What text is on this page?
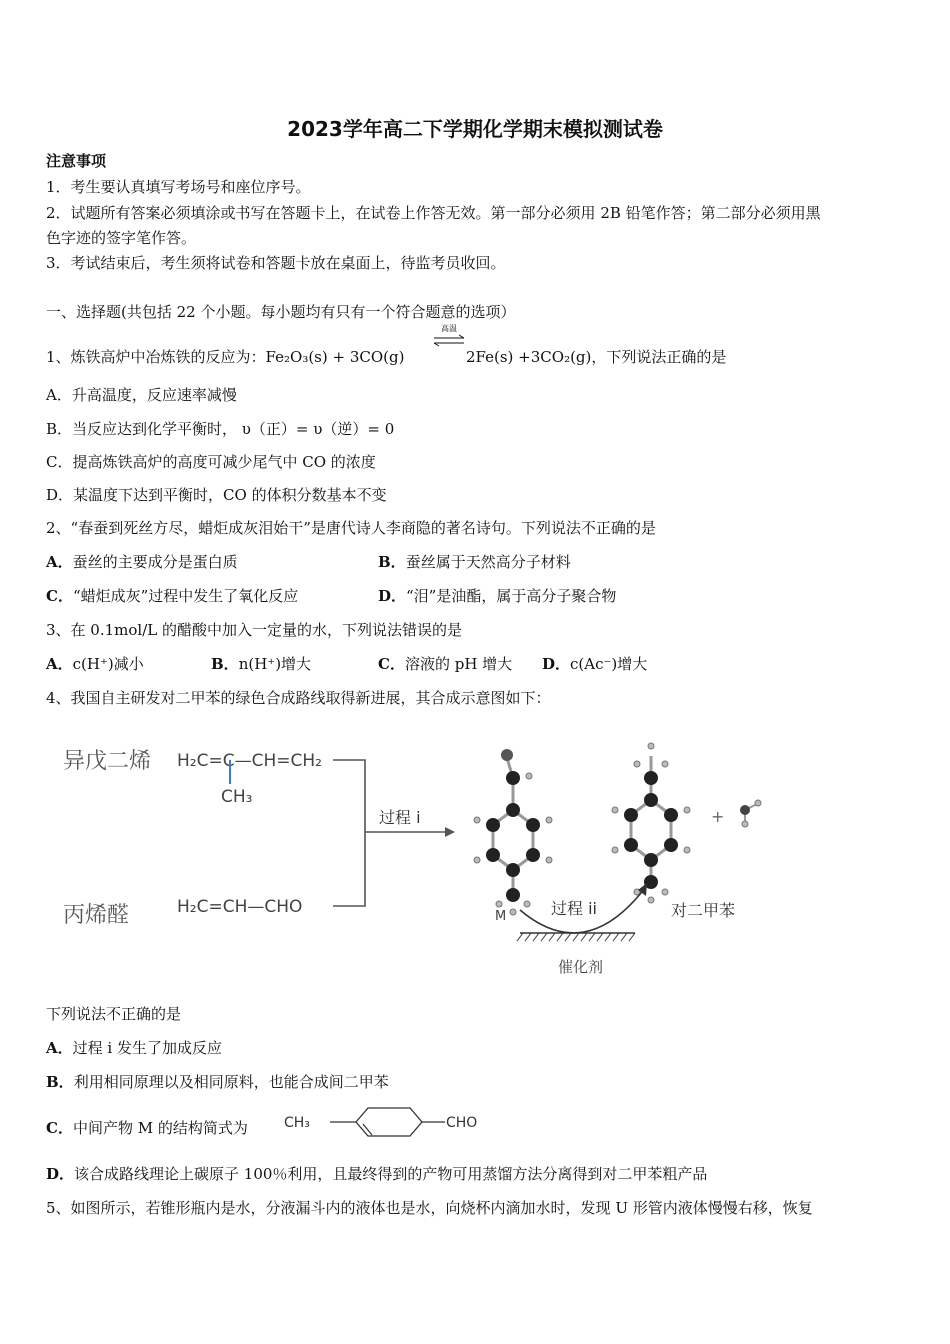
2023学年高二下学期化学期末模拟测试卷
注意事项
1．考生要认真填写考场号和座位序号。
2．试题所有答案必须填涂或书写在答题卡上，在试卷上作答无效。第一部分必须用 2B 铅笔作答；第二部分必须用黑
色字迹的签字笔作答。
3．考试结束后，考生须将试卷和答题卡放在桌面上，待监考员收回。
一、选择题(共包括 22 个小题。每小题均有只有一个符合题意的选项）
1、炼铁高炉中冶炼铁的反应为：Fe₂O₃(s) + 3CO(g)
高温
2Fe(s) +3CO₂(g)，下列说法正确的是
A．升高温度，反应速率减慢
B．当反应达到化学平衡时， υ（正）= υ（逆）= 0
C．提高炼铁高炉的高度可减少尾气中 CO 的浓度
D．某温度下达到平衡时，CO 的体积分数基本不变
2、“春蚕到死丝方尽，蜡炬成灰泪始干”是唐代诗人李商隐的著名诗句。下列说法不正确的是
A．蚕丝的主要成分是蛋白质	B．蚕丝属于天然高分子材料
C．“蜡炬成灰”过程中发生了氧化反应	D．“泪”是油酯，属于高分子聚合物
3、在 0.1mol/L 的醋酸中加入一定量的水，下列说法错误的是
A．c(H⁺)减小	B．n(H⁺)增大	C．溶液的 pH 增大 D．c(Ac⁻)增大
4、我国自主研发对二甲苯的绿色合成路线取得新进展，其合成示意图如下：
异戊二烯 H₂C=C—CH=CH₂
CH₃
丙烯醛	H₂C=CH—CHO
过程 i
M	对二甲苯
+
过程 ii
催化剂
下列说法不正确的是
A．过程 i 发生了加成反应
B．利用相同原理以及相同原料，也能合成间二甲苯
C．中间产物 M 的结构简式为	CH₃	CHO
D．该合成路线理论上碳原子 100％利用，且最终得到的产物可用蒸馏方法分离得到对二甲苯粗产品
5、如图所示，若锥形瓶内是水，分液漏斗内的液体也是水，向烧杯内滴加水时，发现 U 形管内液体慢慢右移，恢复
